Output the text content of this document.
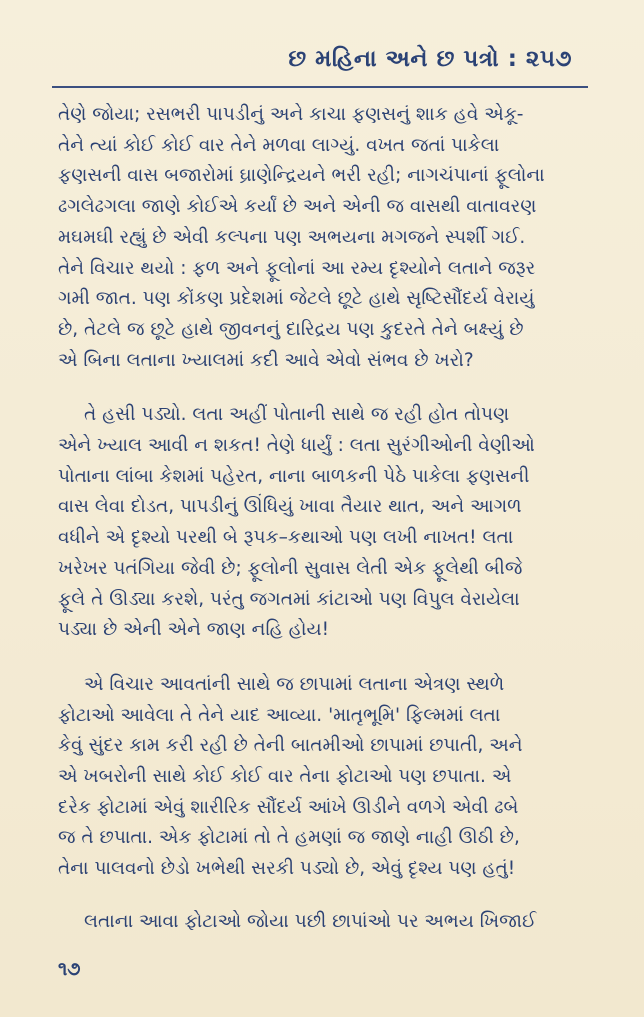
છ મહિના અને છ પત્રો : ૨૫૭

તેણે જોયા; રસભરી પાપડીનું અને કાચા ફણસનું શાક હવે એકૂ-
તેને ત્યાં કોઈ કોઈ વાર તેને મળવા લાગ્યું. વખત જતાં પાકેલા
ફણસની વાસ બજારોમાં ઘ્રાણેન્દ્રિયને ભરી રહી; નાગચંપાનાં ફૂલોના
ઢગલેઢગલા જાણે કોઈએ કર્યાં છે અને એની જ વાસથી વાતાવરણ
મઘમઘી રહ્યું છે એવી કલ્પના પણ અભયના મગજને સ્પર્શી ગઈ.
તેને વિચાર થયો : ફળ અને ફૂલોનાં આ રમ્ય દૃશ્યોને લતાને જરૂર
ગમી જાત. પણ કોંકણ પ્રદેશમાં જેટલે છૂટે હાથે સૃષ્ટિસૌંદર્ય વેરાયું
છે, તેટલે જ છૂટે હાથે જીવનનું દારિદ્રય પણ કુદરતે તેને બક્ષ્યું છે
એ બિના લતાના ખ્યાલમાં કદી આવે એવો સંભવ છે ખરો?

તે હસી પડ્યો. લતા અહીં પોતાની સાથે જ રહી હોત તોપણ
એને ખ્યાલ આવી ન શકત! તેણે ધાર્યું : લતા સુરંગીઓની વેણીઓ
પોતાના લાંબા કેશમાં પહેરત, નાના બાળકની પેઠે પાકેલા ફણસની
વાસ લેવા દોડત, પાપડીનું ઊંધિયું ખાવા તૈયાર થાત, અને આગળ
વધીને એ દૃશ્યો પરથી બે રૂપક–કથાઓ પણ લખી નાખત! લતા
ખરેખર પતંગિયા જેવી છે; ફૂલોની સુવાસ લેતી એક ફૂલેથી બીજે
ફૂલે તે ઊડ્યા કરશે, પરંતુ જગતમાં કાંટાઓ પણ વિપુલ વેરાયેલા
પડ્યા છે એની એને જાણ નહિ હોય!

એ વિચાર આવતાંની સાથે જ છાપામાં લતાના એત્રણ સ્થળે
ફોટાઓ આવેલા તે તેને યાદ આવ્યા. 'માતૃભૂમિ' ફિલ્મમાં લતા
કેવું સુંદર કામ કરી રહી છે તેની બાતમીઓ છાપામાં છપાતી, અને
એ ખબરોની સાથે કોઈ કોઈ વાર તેના ફોટાઓ પણ છપાતા. એ
દરેક ફોટામાં એવું શારીરિક સૌંદર્ય આંખે ઊડીને વળગે એવી ઢબે
જ તે છપાતા. એક ફોટામાં તો તે હમણાં જ જાણે નાહી ઊઠી છે,
તેના પાલવનો છેડો ખભેથી સરકી પડ્યો છે, એવું દૃશ્ય પણ હતું!

લતાના આવા ફોટાઓ જોયા પછી છાપાંઓ પર અભય ખિજાઈ

૧૭
